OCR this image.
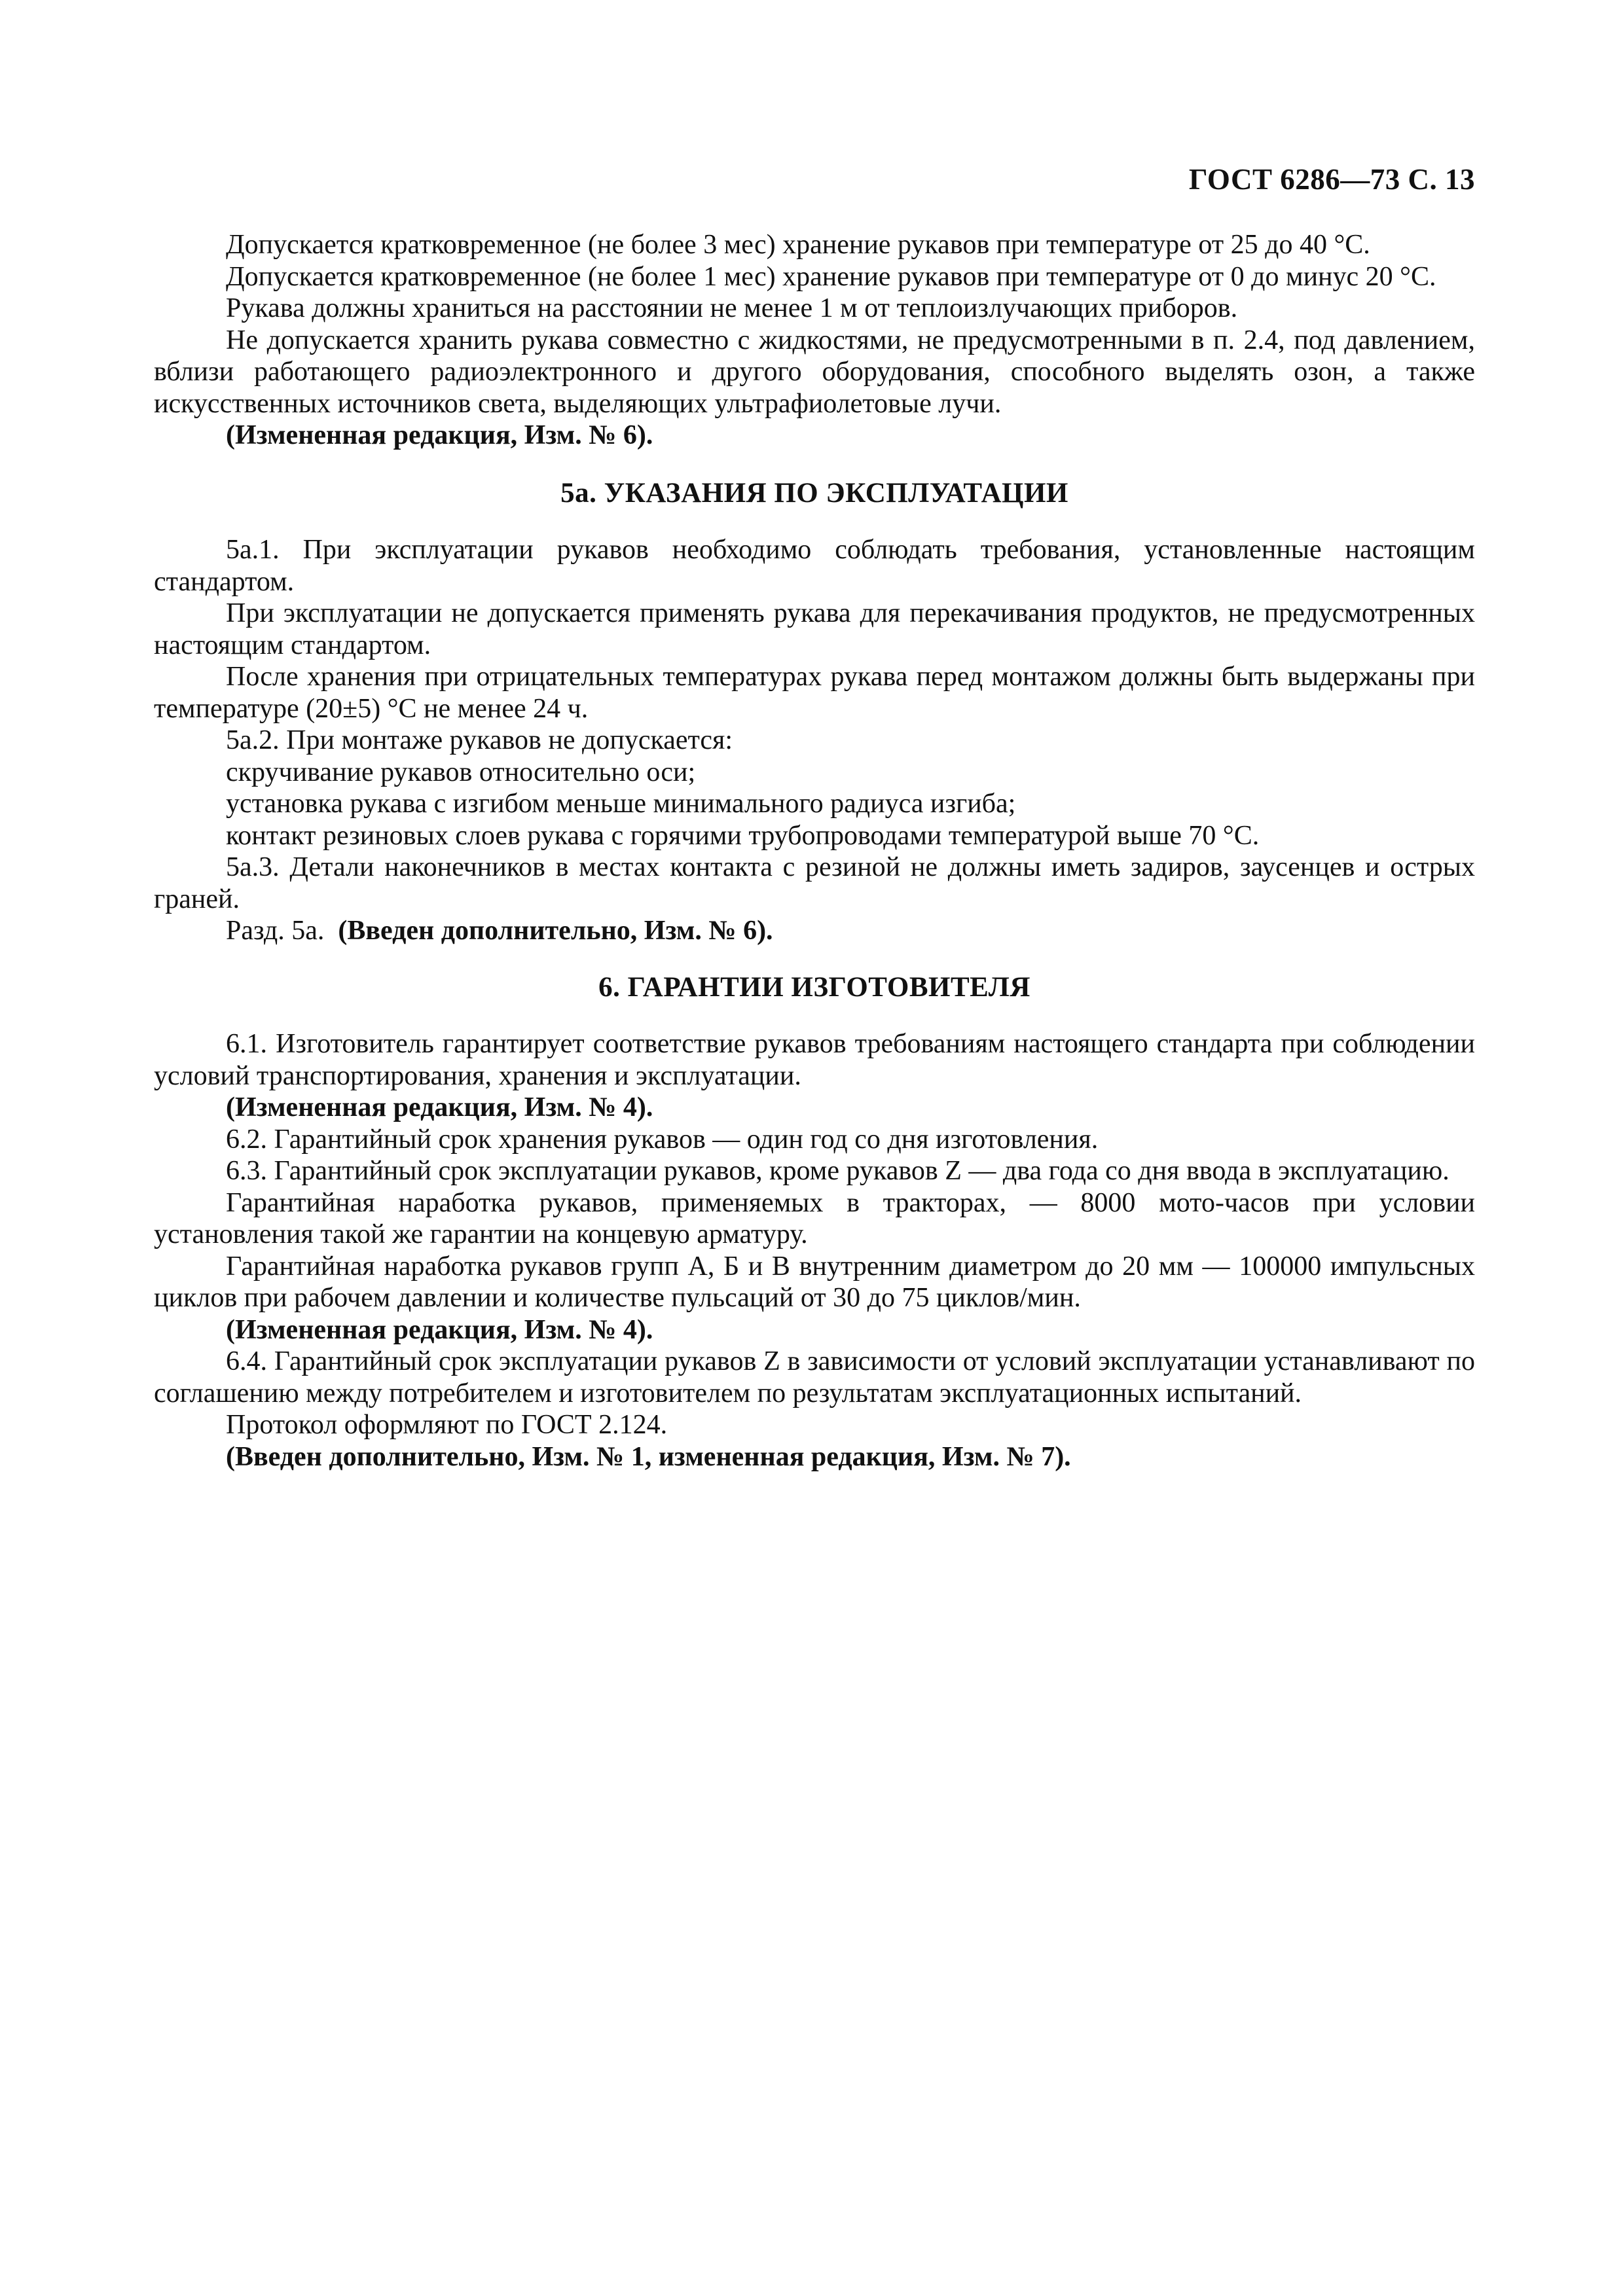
ГОСТ 6286—73 С. 13

Допускается кратковременное (не более 3 мес) хранение рукавов при температуре от 25 до 40 °С.

Допускается кратковременное (не более 1 мес) хранение рукавов при температуре от 0 до минус 20 °С.

Рукава должны храниться на расстоянии не менее 1 м от теплоизлучающих приборов.

Не допускается хранить рукава совместно с жидкостями, не предусмотренными в п. 2.4, под давлением, вблизи работающего радиоэлектронного и другого оборудования, способного выделять озон, а также искусственных источников света, выделяющих ультрафиолетовые лучи.

(Измененная редакция, Изм. № 6).

5а. УКАЗАНИЯ ПО ЭКСПЛУАТАЦИИ

5а.1. При эксплуатации рукавов необходимо соблюдать требования, установленные настоящим стандартом.

При эксплуатации не допускается применять рукава для перекачивания продуктов, не предусмотренных настоящим стандартом.

После хранения при отрицательных температурах рукава перед монтажом должны быть выдержаны при температуре (20±5) °С не менее 24 ч.

5а.2. При монтаже рукавов не допускается:

скручивание рукавов относительно оси;

установка рукава с изгибом меньше минимального радиуса изгиба;

контакт резиновых слоев рукава с горячими трубопроводами температурой выше 70 °С.

5а.3. Детали наконечников в местах контакта с резиной не должны иметь задиров, заусенцев и острых граней.

Разд. 5а. (Введен дополнительно, Изм. № 6).

6. ГАРАНТИИ ИЗГОТОВИТЕЛЯ

6.1. Изготовитель гарантирует соответствие рукавов требованиям настоящего стандарта при соблюдении условий транспортирования, хранения и эксплуатации.

(Измененная редакция, Изм. № 4).

6.2. Гарантийный срок хранения рукавов — один год со дня изготовления.

6.3. Гарантийный срок эксплуатации рукавов, кроме рукавов Z — два года со дня ввода в эксплуатацию.

Гарантийная наработка рукавов, применяемых в тракторах, — 8000 мото-часов при условии установления такой же гарантии на концевую арматуру.

Гарантийная наработка рукавов групп А, Б и В внутренним диаметром до 20 мм — 100000 импульсных циклов при рабочем давлении и количестве пульсаций от 30 до 75 циклов/мин.

(Измененная редакция, Изм. № 4).

6.4. Гарантийный срок эксплуатации рукавов Z в зависимости от условий эксплуатации устанавливают по соглашению между потребителем и изготовителем по результатам эксплуатационных испытаний.

Протокол оформляют по ГОСТ 2.124.

(Введен дополнительно, Изм. № 1, измененная редакция, Изм. № 7).
